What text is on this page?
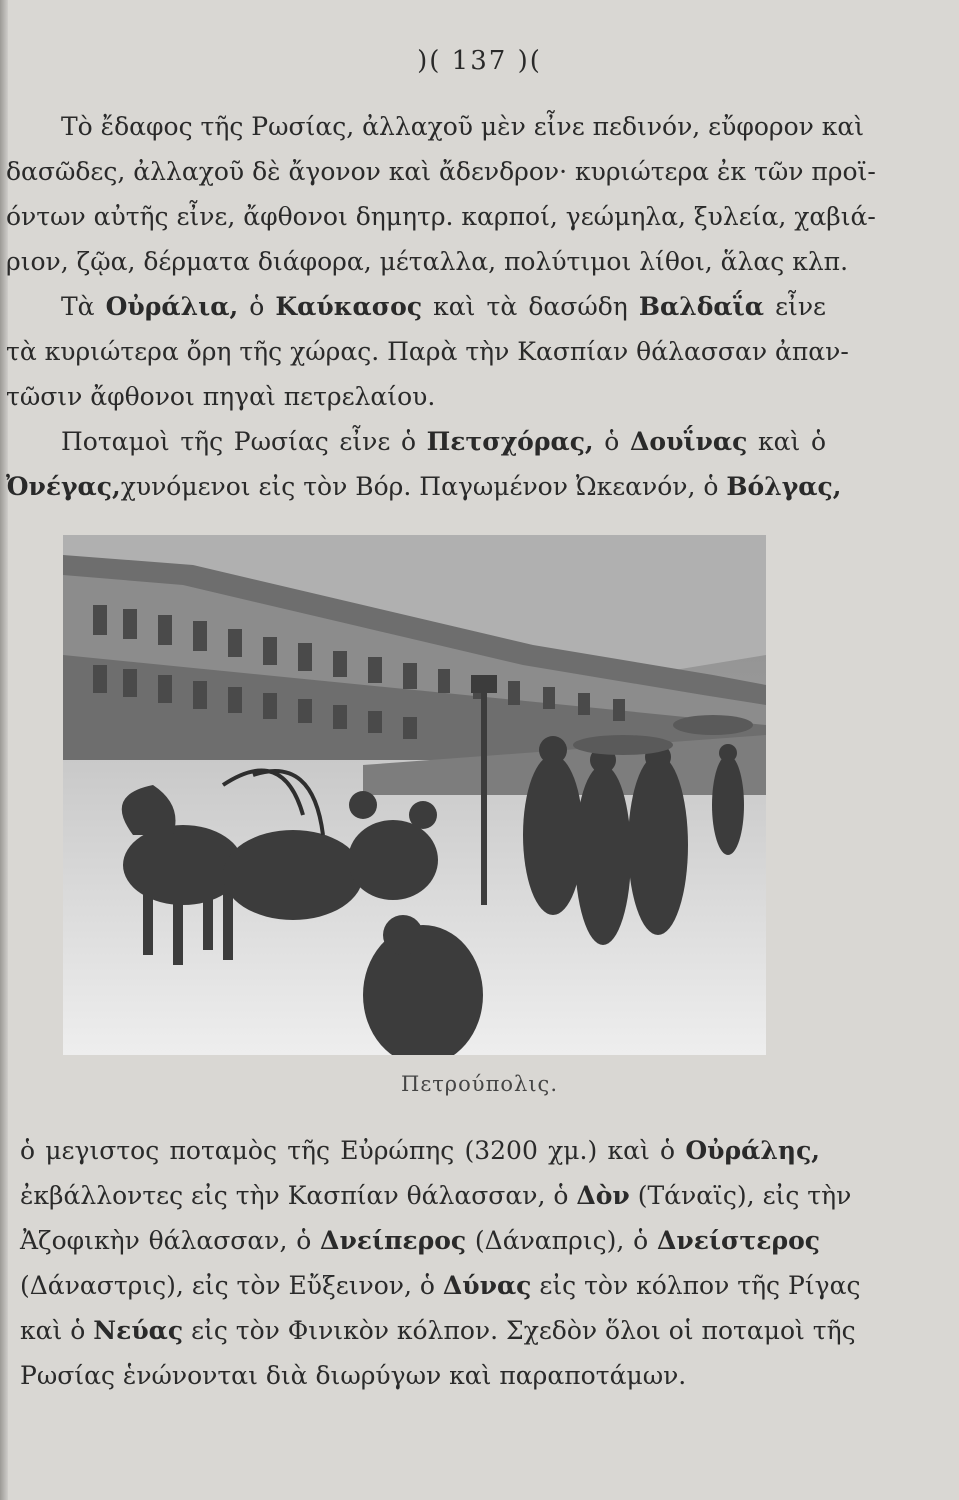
)( 137 )(
Τὸ ἔδαφος τῆς Ρωσίας, ἀλλαχοῦ μὲν εἶνε πεδινόν, εὔφορον καὶ
δασῶδες, ἀλλαχοῦ δὲ ἄγονον καὶ ἄδενδρον· κυριώτερα ἐκ τῶν προϊ-
όντων αὐτῆς εἶνε, ἄφθονοι δημητρ. καρποί, γεώμηλα, ξυλεία, χαβιά-
ριον, ζῷα, δέρματα διάφορα, μέταλλα, πολύτιμοι λίθοι, ἅλας κλπ.
Τὰ Οὐράλια, ὁ Καύκασος καὶ τὰ δασώδη Βαλδαΐα εἶνε
τὰ κυριώτερα ὄρη τῆς χώρας. Παρὰ τὴν Κασπίαν θάλασσαν ἀπαν-
τῶσιν ἄφθονοι πηγαὶ πετρελαίου.
Ποταμοὶ τῆς Ρωσίας εἶνε ὁ Πετσχόρας, ὁ Δουΐνας καὶ ὁ
Ὀνέγας,χυνόμενοι εἰς τὸν Βόρ. Παγωμένον Ὠκεανόν, ὁ Βόλγας,
Πετρούπολις.
ὁ μεγιστος ποταμὸς τῆς Εὐρώπης (3200 χμ.) καὶ ὁ Οὐράλης,
ἐκβάλλοντες εἰς τὴν Κασπίαν θάλασσαν, ὁ Δὸν (Τάναϊς), εἰς τὴν
Ἀζοφικὴν θάλασσαν, ὁ Δνείπερος (Δάναπρις), ὁ Δνείστερος
(Δάναστρις), εἰς τὸν Εὔξεινον, ὁ Δύνας εἰς τὸν κόλπον τῆς Ρίγας
καὶ ὁ Νεύας εἰς τὸν Φινικὸν κόλπον. Σχεδὸν ὅλοι οἱ ποταμοὶ τῆς
Ρωσίας ἑνώνονται διὰ διωρύγων καὶ παραποτάμων.
